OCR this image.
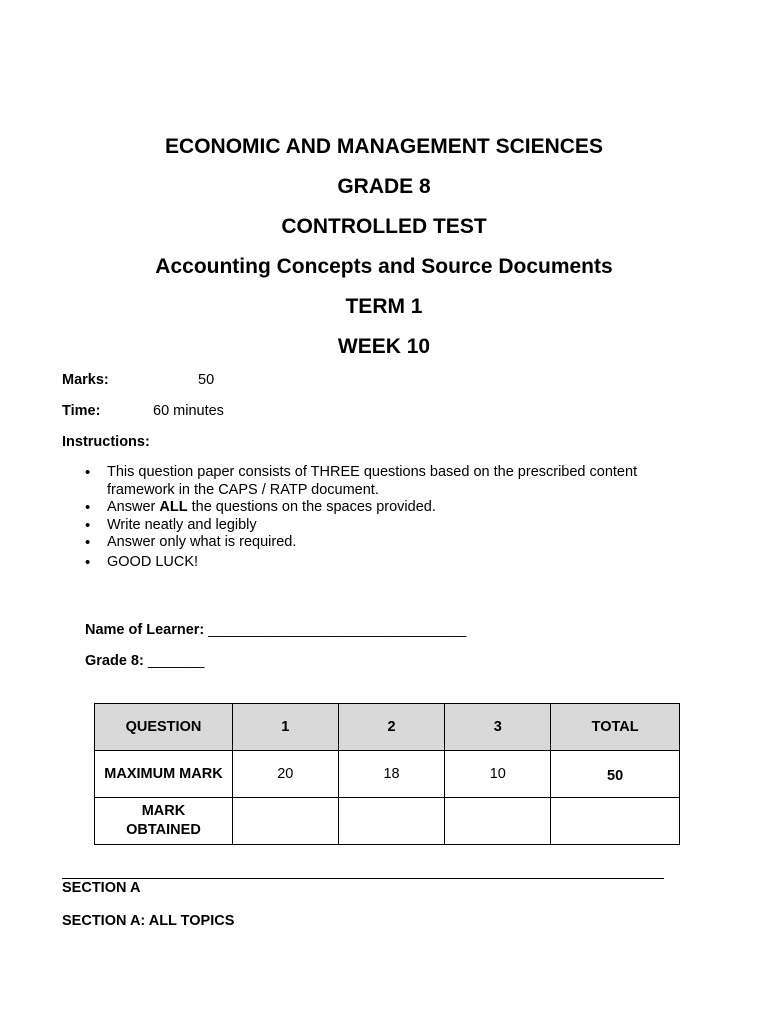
ECONOMIC AND MANAGEMENT SCIENCES
GRADE 8
CONTROLLED TEST
Accounting Concepts and Source Documents
TERM 1
WEEK 10
Marks:	50
Time:	60 minutes
Instructions:
• This question paper consists of THREE questions based on the prescribed content framework in the CAPS / RATP document.
• Answer ALL the questions on the spaces provided.
• Write neatly and legibly
• Answer only what is required.
• GOOD LUCK!
Name of Learner: ________________________________
Grade 8: _______
QUESTION	1	2	3	TOTAL
MAXIMUM MARK	20	18	10	50
MARK OBTAINED				
SECTION A
SECTION A: ALL TOPICS
